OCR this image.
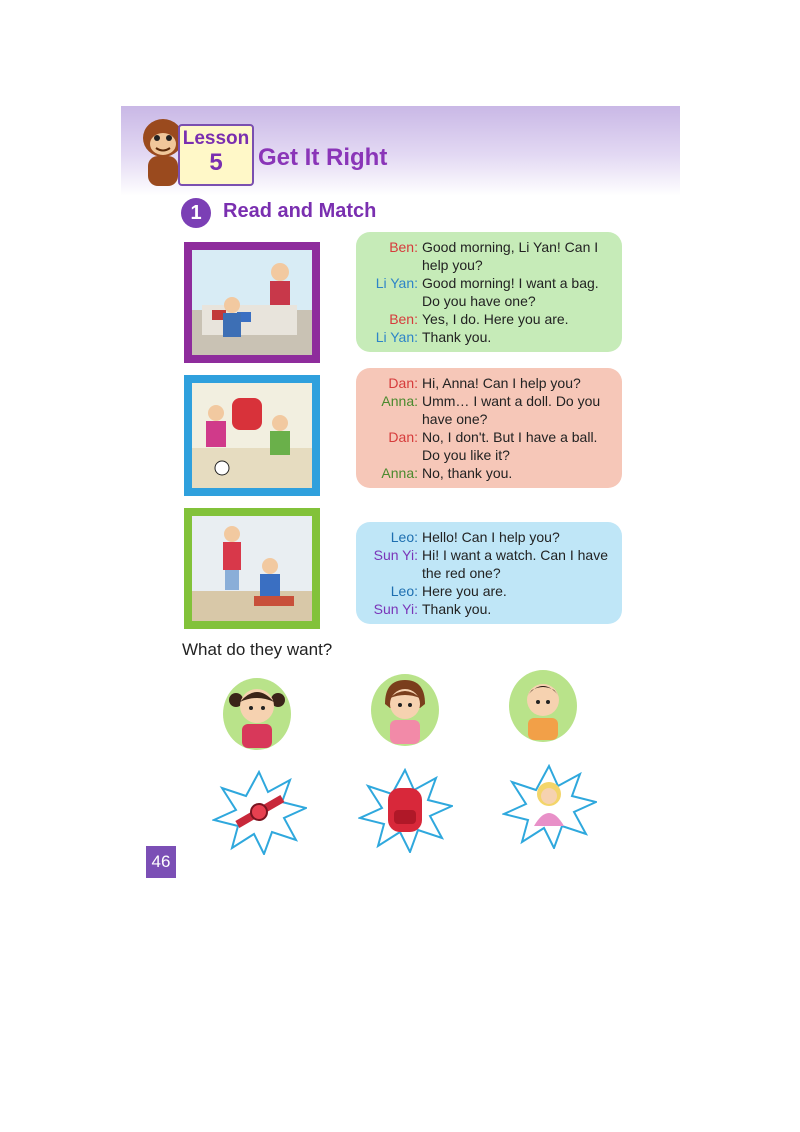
Lesson
5	Get It Right
1	Read and Match
Ben: Good morning, Li Yan! Can I help you?
Li Yan: Good morning! I want a bag. Do you have one?
Ben: Yes, I do. Here you are.
Li Yan: Thank you.
Dan: Hi, Anna! Can I help you?
Anna: Umm… I want a doll. Do you have one?
Dan: No, I don't. But I have a ball. Do you like it?
Anna: No, thank you.
Leo: Hello! Can I help you?
Sun Yi: Hi! I want a watch. Can I have the red one?
Leo: Here you are.
Sun Yi: Thank you.
What do they want?
46
